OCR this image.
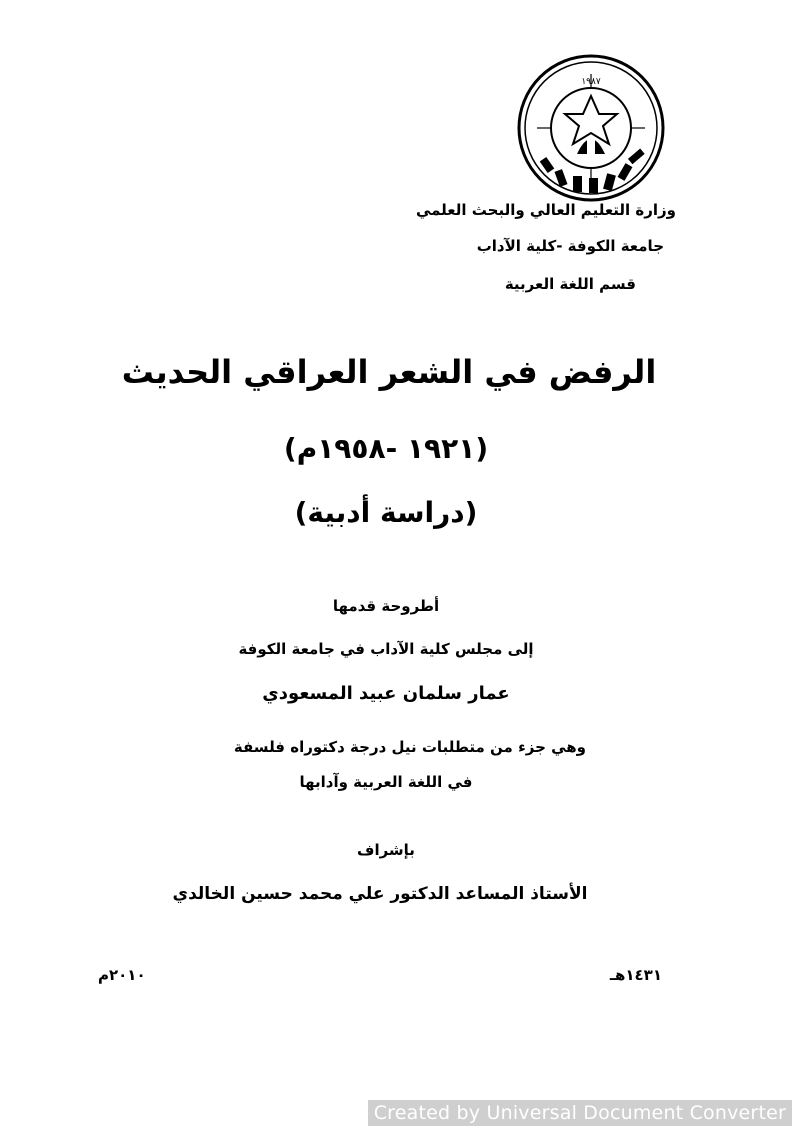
١٩٨٧
وزارة التعليم العالي والبحث العلمي
جامعة الكوفة -كلية الآداب
قسم اللغة العربية
الرفض في الشعر العراقي الحديث
(١٩٢١ -١٩٥٨م)
(دراسة أدبية)
أطروحة قدمها
إلى مجلس كلية الآداب في جامعة الكوفة
عمار سلمان عبيد المسعودي
وهي جزء من متطلبات نيل درجة دكتوراه فلسفة
في اللغة العربية وآدابها
بإشراف
الأستاذ المساعد الدكتور علي محمد حسين الخالدي
١٤٣١هـ
٢٠١٠م
Created by Universal Document Converter
